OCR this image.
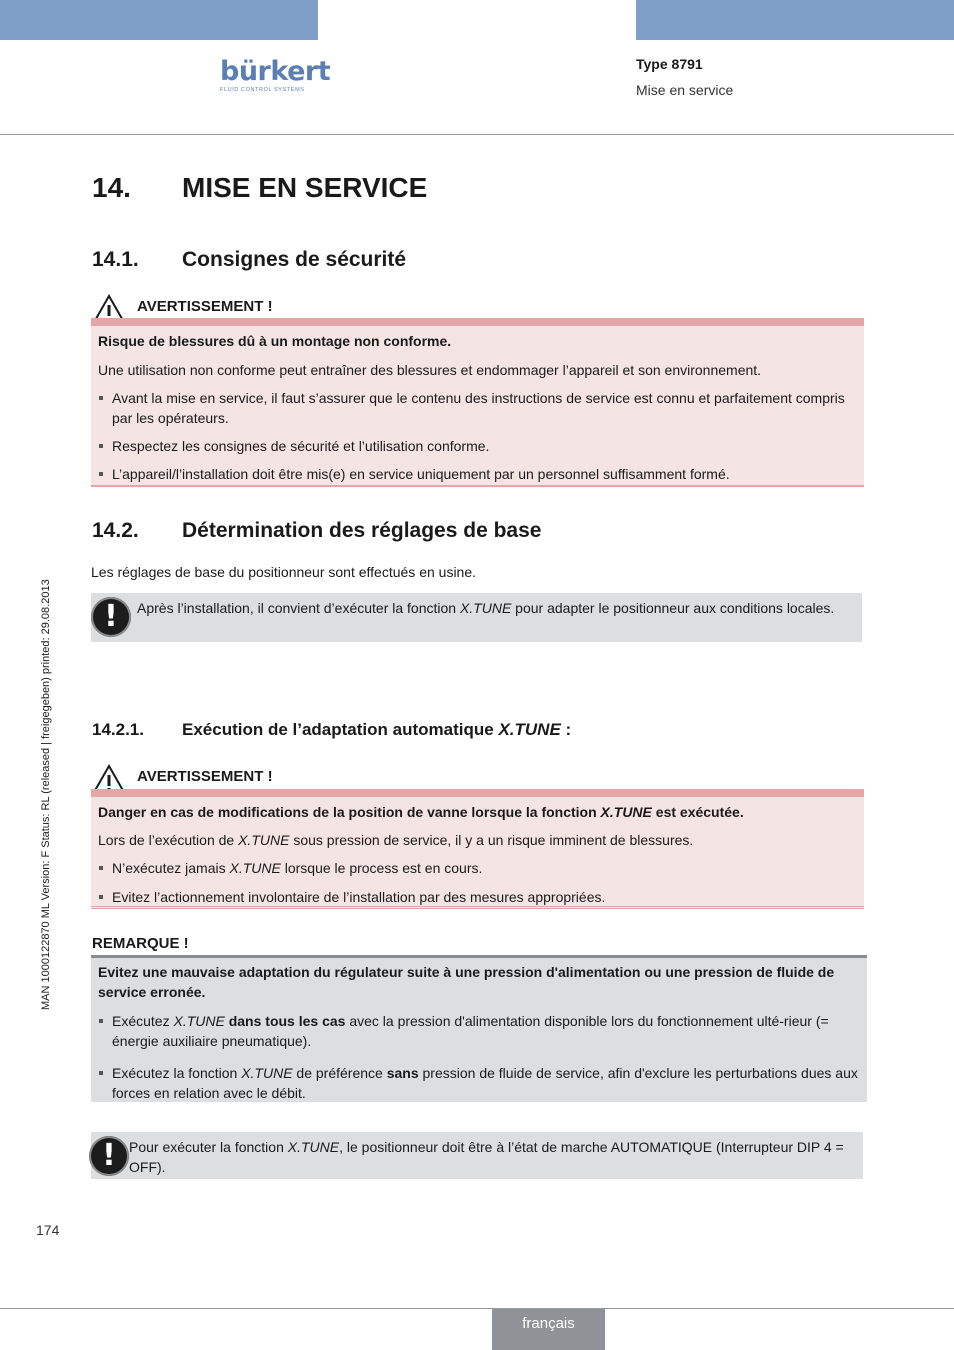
bürkert
FLUID CONTROL SYSTEMS
Type 8791
Mise en service
14. MISE EN SERVICE
14.1. Consignes de sécurité
AVERTISSEMENT !

Risque de blessures dû à un montage non conforme.

Une utilisation non conforme peut entraîner des blessures et endommager l’appareil et son environnement.

Avant la mise en service, il faut s’assurer que le contenu des instructions de service est connu et parfaitement compris par les opérateurs.
Respectez les consignes de sécurité et l’utilisation conforme.
L’appareil/l’installation doit être mis(e) en service uniquement par un personnel suffisamment formé.
14.2. Détermination des réglages de base
Les réglages de base du positionneur sont effectués en usine.
!	Après l’installation, il convient d’exécuter la fonction X.TUNE pour adapter le positionneur aux conditions locales.
14.2.1. Exécution de l’adaptation automatique X.TUNE :
AVERTISSEMENT !

Danger en cas de modifications de la position de vanne lorsque la fonction X.TUNE est exécutée.

Lors de l’exécution de X.TUNE sous pression de service, il y a un risque imminent de blessures.

N’exécutez jamais X.TUNE lorsque le process est en cours.
Evitez l’actionnement involontaire de l’installation par des mesures appropriées.
REMARQUE !

Evitez une mauvaise adaptation du régulateur suite à une pression d'alimentation ou une pression de fluide de service erronée.

Exécutez X.TUNE dans tous les cas avec la pression d'alimentation disponible lors du fonctionnement ulté-rieur (= énergie auxiliaire pneumatique).
Exécutez la fonction X.TUNE de préférence sans pression de fluide de service, afin d'exclure les perturbations dues aux forces en relation avec le débit.
! Pour exécuter la fonction X.TUNE, le positionneur doit être à l’état de marche AUTOMATIQUE (Interrupteur DIP 4 = OFF).
MAN 1000122870 ML Version: F Status: RL (released | freigegeben) printed: 29.08.2013
174
français
